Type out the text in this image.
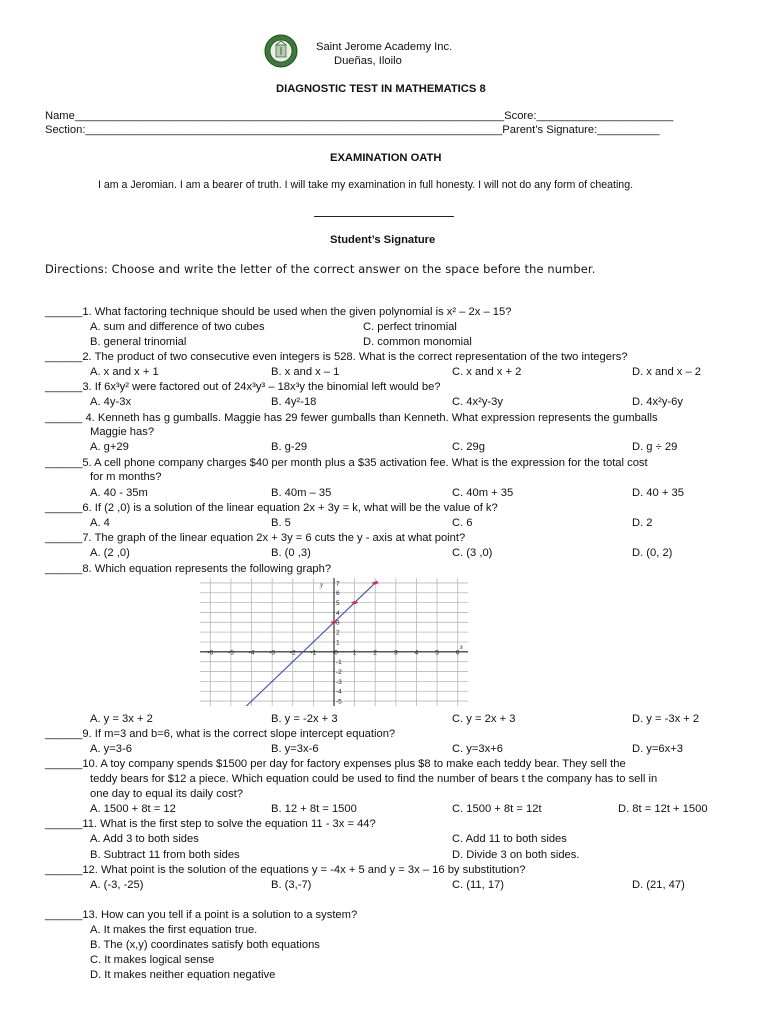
Saint Jerome Academy Inc.
Dueñas, Iloilo
DIAGNOSTIC TEST IN MATHEMATICS 8
Name_____________________________________________________________________Score:______________________
Section:___________________________________________________________________Parent’s Signature:__________
EXAMINATION OATH
I am a Jeromian. I am a bearer of truth. I will take my examination in full honesty. I will not do any form of cheating.
Student’s Signature
Directions: Choose and write the letter of the correct answer on the space before the number.
______1. What factoring technique should be used when the given polynomial is x² – 2x – 15?
A. sum and difference of two cubes	C. perfect trinomial
B. general trinomial	D. common monomial
______2. The product of two consecutive even integers is 528. What is the correct representation of the two integers?
A. x and x + 1	B. x and x – 1	C. x and x + 2	D. x and x – 2
______3. If 6x³y² were factored out of 24x³y³ – 18x³y the binomial left would be?
A. 4y-3x	B. 4y²-18	C. 4x²y-3y	D. 4x²y-6y
______ 4. Kenneth has g gumballs. Maggie has 29 fewer gumballs than Kenneth. What expression represents the gumballs
Maggie has?
A. g+29	B. g-29	C. 29g	D. g ÷ 29
______5. A cell phone company charges $40 per month plus a $35 activation fee. What is the expression for the total cost
for m months?
A. 40 - 35m	B. 40m – 35	C. 40m + 35	D. 40 + 35
______6. If (2 ,0) is a solution of the linear equation 2x + 3y = k, what will be the value of k?
A. 4	B. 5	C. 6	D. 2
______7. The graph of the linear equation 2x + 3y = 6 cuts the y - axis at what point?
A. (2 ,0)	B. (0 ,3)	C. (3 ,0)	D. (0, 2)
______8. Which equation represents the following graph?
-6 -5 -4 -3 -2 -1	0 1	2	3	4	5	6
7
6
5
4
3
2
1
-1
-2
-3
-4
-5
x
y
A. y = 3x + 2	B. y = -2x + 3	C. y = 2x + 3	D. y = -3x + 2
______9. If m=3 and b=6, what is the correct slope intercept equation?
A. y=3-6	B. y=3x-6	C. y=3x+6	D. y=6x+3
______10. A toy company spends $1500 per day for factory expenses plus $8 to make each teddy bear. They sell the
teddy bears for $12 a piece. Which equation could be used to find the number of bears t the company has to sell in
one day to equal its daily cost?
A. 1500 + 8t = 12	B. 12 + 8t = 1500	C. 1500 + 8t = 12t	D. 8t = 12t + 1500
______11. What is the first step to solve the equation 11 - 3x = 44?
A. Add 3 to both sides	C. Add 11 to both sides
B. Subtract 11 from both sides	D. Divide 3 on both sides.
______12. What point is the solution of the equations y = -4x + 5 and y = 3x – 16 by substitution?
A. (-3, -25)	B. (3,-7)	C. (11, 17)	D. (21, 47)
______13. How can you tell if a point is a solution to a system?
A. It makes the first equation true.
B. The (x,y) coordinates satisfy both equations
C. It makes logical sense
D. It makes neither equation negative
